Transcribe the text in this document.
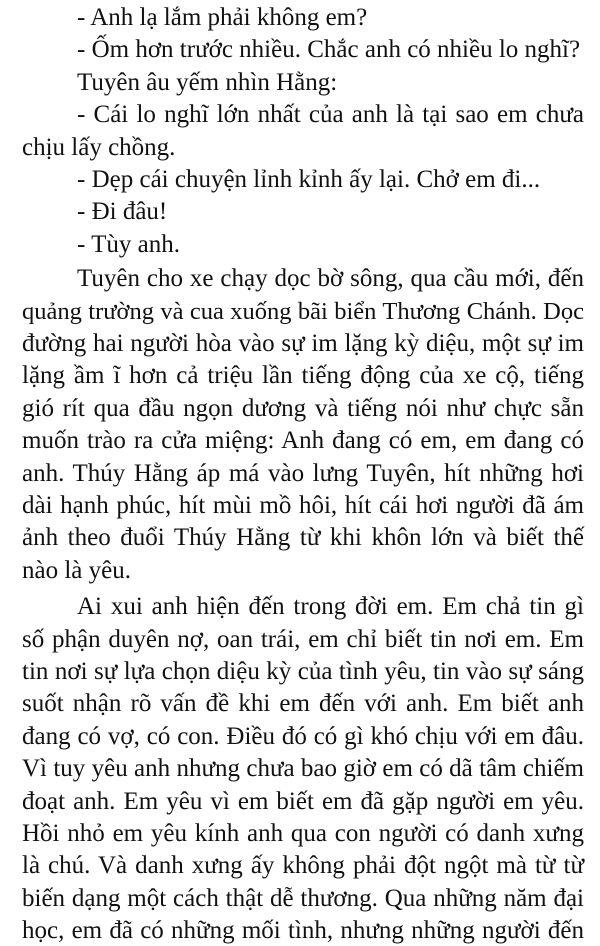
- Anh lạ lắm phải không em?

- Ốm hơn trước nhiều. Chắc anh có nhiều lo nghĩ?

Tuyên âu yếm nhìn Hằng:

- Cái lo nghĩ lớn nhất của anh là tại sao em chưa

chịu lấy chồng.

- Dẹp cái chuyện lỉnh kỉnh ấy lại. Chở em đi...

- Đi đâu!

- Tùy anh.

Tuyên cho xe chạy dọc bờ sông, qua cầu mới, đến

quảng trường và cua xuống bãi biển Thương Chánh. Dọc

đường hai người hòa vào sự im lặng kỳ diệu, một sự im

lặng ầm ĩ hơn cả triệu lần tiếng động của xe cộ, tiếng

gió rít qua đầu ngọn dương và tiếng nói như chực sẵn

muốn trào ra cửa miệng: Anh đang có em, em đang có

anh. Thúy Hằng áp má vào lưng Tuyên, hít những hơi

dài hạnh phúc, hít mùi mồ hôi, hít cái hơi người đã ám

ảnh theo đuổi Thúy Hằng từ khi khôn lớn và biết thế

nào là yêu.

Ai xui anh hiện đến trong đời em. Em chả tin gì

số phận duyên nợ, oan trái, em chỉ biết tin nơi em. Em

tin nơi sự lựa chọn diệu kỳ của tình yêu, tin vào sự sáng

suốt nhận rõ vấn đề khi em đến với anh. Em biết anh

đang có vợ, có con. Điều đó có gì khó chịu với em đâu.

Vì tuy yêu anh nhưng chưa bao giờ em có dã tâm chiếm

đoạt anh. Em yêu vì em biết em đã gặp người em yêu.

Hồi nhỏ em yêu kính anh qua con người có danh xưng

là chú. Và danh xưng ấy không phải đột ngột mà từ từ

biến dạng một cách thật dễ thương. Qua những năm đại

học, em đã có những mối tình, nhưng những người đến
